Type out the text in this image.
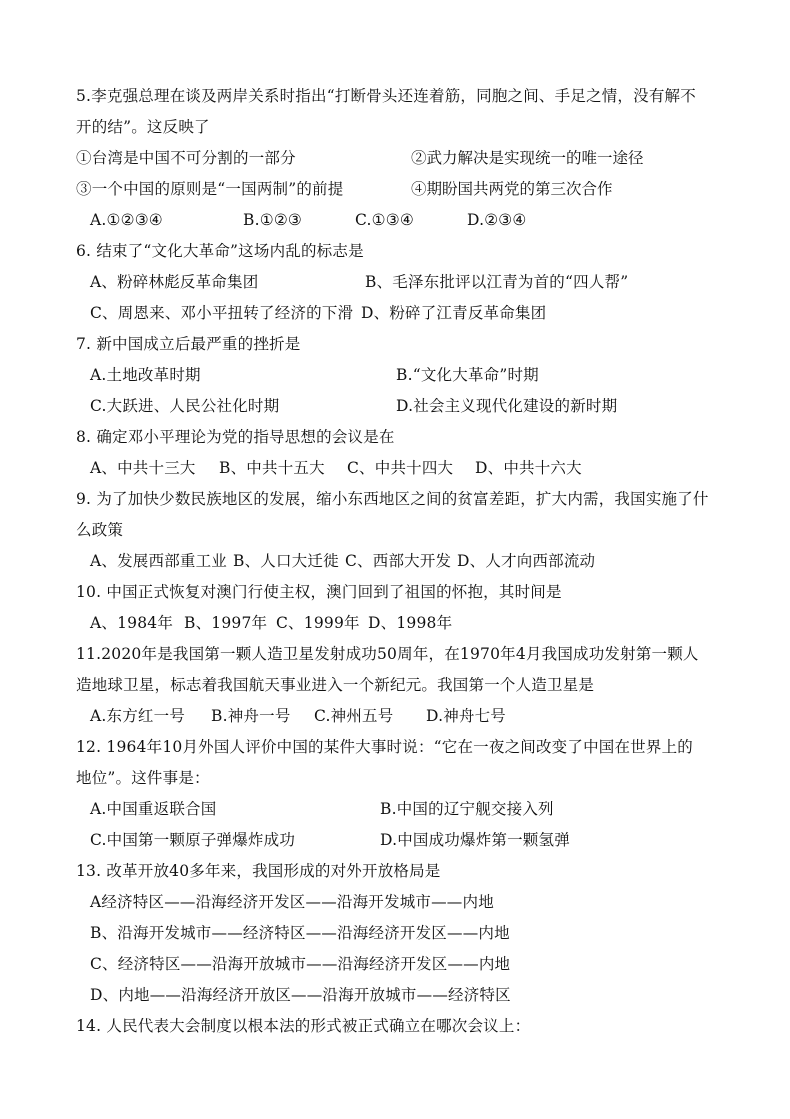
5.李克强总理在谈及两岸关系时指出“打断骨头还连着筋，同胞之间、手足之情，没有解不
开的结”。这反映了
①台湾是中国不可分割的一部分	②武力解决是实现统一的唯一途径
③一个中国的原则是“一国两制”的前提	④期盼国共两党的第三次合作
A.①②③④	B.①②③	C.①③④	D.②③④
6. 结束了“文化大革命”这场内乱的标志是
A、粉碎林彪反革命集团	B、毛泽东批评以江青为首的“四人帮”
C、周恩来、邓小平扭转了经济的下滑 D、粉碎了江青反革命集团
7. 新中国成立后最严重的挫折是
A.土地改革时期	B.“文化大革命”时期
C.大跃进、人民公社化时期	D.社会主义现代化建设的新时期
8. 确定邓小平理论为党的指导思想的会议是在
A、中共十三大 B、中共十五大 C、中共十四大 D、中共十六大
9. 为了加快少数民族地区的发展，缩小东西地区之间的贫富差距，扩大内需，我国实施了什
么政策
A、发展西部重工业 B、人口大迁徙 C、西部大开发 D、人才向西部流动
10. 中国正式恢复对澳门行使主权，澳门回到了祖国的怀抱，其时间是
A、1984年 B、1997年 C、1999年 D、1998年
11.2020年是我国第一颗人造卫星发射成功50周年，在1970年4月我国成功发射第一颗人
造地球卫星，标志着我国航天事业进入一个新纪元。我国第一个人造卫星是
A.东方红一号 B.神舟一号 C.神州五号 D.神舟七号
12. 1964年10月外国人评价中国的某件大事时说：“它在一夜之间改变了中国在世界上的
地位”。这件事是：
A.中国重返联合国	B.中国的辽宁舰交接入列
C.中国第一颗原子弹爆炸成功	D.中国成功爆炸第一颗氢弹
13. 改革开放40多年来，我国形成的对外开放格局是
A经济特区——沿海经济开发区——沿海开发城市——内地
B、沿海开发城市——经济特区——沿海经济开发区——内地
C、经济特区——沿海开放城市——沿海经济开发区——内地
D、内地——沿海经济开放区——沿海开放城市——经济特区
14. 人民代表大会制度以根本法的形式被正式确立在哪次会议上：
